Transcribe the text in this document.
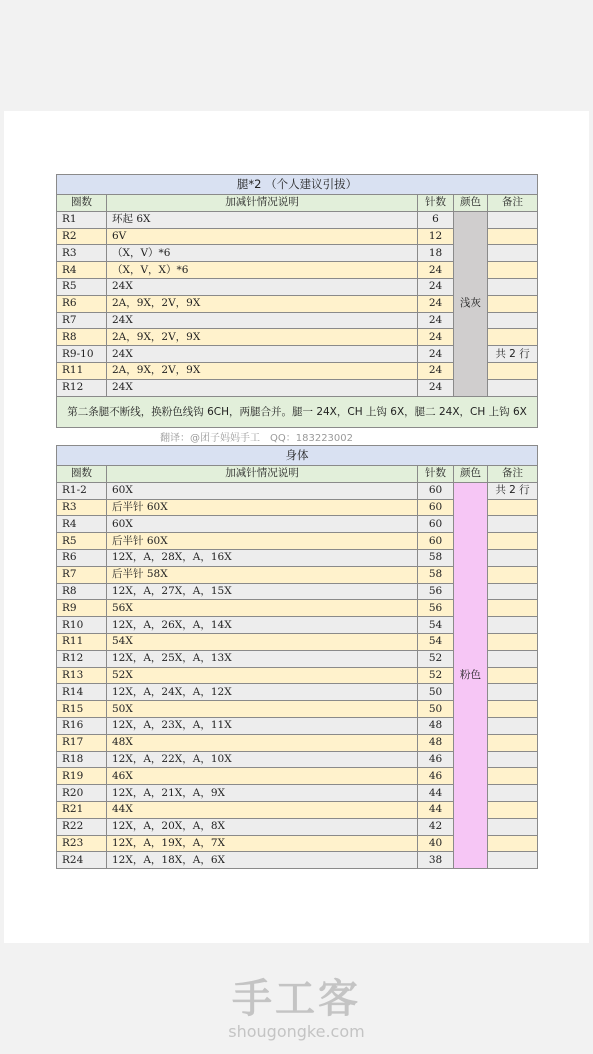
腿*2 （个人建议引拔）				
圈数	加减针情况说明	针数	颜色	备注
R1	环起 6X	6	浅灰	
R2	6V	12		
R3	（X，V）*6	18		
R4	（X，V，X）*6	24		
R5	24X	24		
R6	2A，9X，2V，9X	24		
R7	24X	24		
R8	2A，9X，2V，9X	24		
R9-10	24X	24		共 2 行
R11	2A，9X，2V，9X	24		
R12	24X	24		
第二条腿不断线，换粉色线钩 6CH，两腿合并。腿一 24X，CH 上钩 6X，腿二 24X，CH 上钩 6X				
翻译：@团子妈妈手工　QQ：183223002
身体				
圈数	加减针情况说明	针数	颜色	备注
R1-2	60X	60	粉色	共 2 行
R3	后半针 60X	60		
R4	60X	60		
R5	后半针 60X	60		
R6	12X，A，28X，A，16X	58		
R7	后半针 58X	58		
R8	12X，A，27X，A，15X	56		
R9	56X	56		
R10	12X，A，26X，A，14X	54		
R11	54X	54		
R12	12X，A，25X，A，13X	52		
R13	52X	52		
R14	12X，A，24X，A，12X	50		
R15	50X	50		
R16	12X，A，23X，A，11X	48		
R17	48X	48		
R18	12X，A，22X，A，10X	46		
R19	46X	46		
R20	12X，A，21X，A，9X	44		
R21	44X	44		
R22	12X，A，20X，A，8X	42		
R23	12X，A，19X，A，7X	40		
R24	12X，A，18X，A，6X	38		
手工客
shougongke.com
